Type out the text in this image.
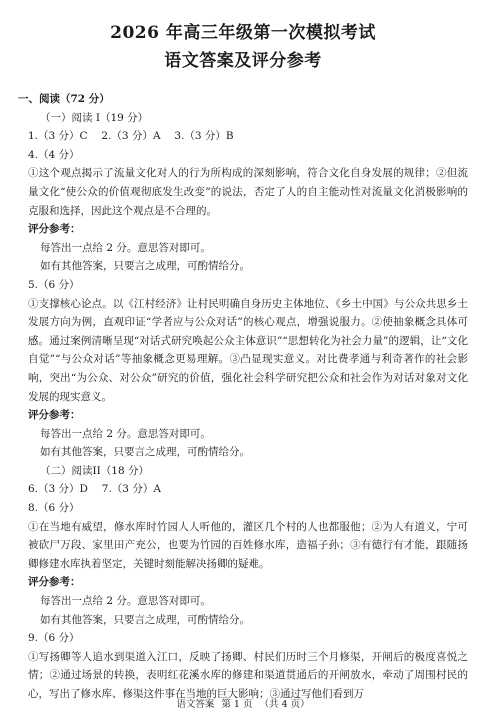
2026 年高三年级第一次模拟考试
语文答案及评分参考
一、阅读（72 分）
（一）阅读 I（19 分）
1.（3 分）C　 2.（3 分）A　 3.（3 分）B
4.（4 分）
①这个观点揭示了流量文化对人的行为所构成的深刻影响，符合文化自身发展的规律；②但流量文化“使公众的价值观彻底发生改变”的说法，否定了人的自主能动性对流量文化消极影响的克服和选择，因此这个观点是不合理的。
评分参考：
每答出一点给 2 分。意思答对即可。
如有其他答案，只要言之成理，可酌情给分。
5.（6 分）
①支撑核心论点。以《江村经济》让村民明确自身历史主体地位、《乡土中国》与公众共思乡土发展方向为例，直观印证“学者应与公众对话”的核心观点，增强说服力。②使抽象概念具体可感。通过案例清晰呈现“对话式研究唤起公众主体意识”“思想转化为社会力量”的逻辑，让“文化自觉”“与公众对话”等抽象概念更易理解。③凸显现实意义。对比费孝通与利奇著作的社会影响，突出“为公众、对公众”研究的价值，强化社会科学研究把公众和社会作为对话对象对文化发展的现实意义。
评分参考：
每答出一点给 2 分。意思答对即可。
如有其他答案，只要言之成理，可酌情给分。
（二）阅读II（18 分）
6.（3 分）D　 7.（3 分）A
8.（6 分）
①在当地有威望，修水库时竹园人人听他的，灌区几个村的人也都服他；②为人有道义，宁可被砍尸万段、家里田产充公，也要为竹园的百姓修水库，造福子孙；③有德行有才能，跟随扬卿修建水库执着坚定，关键时刻能解决扬卿的疑难。
评分参考：
每答出一点给 2 分。意思答对即可。
如有其他答案，只要言之成理，可酌情给分。
9.（6 分）
①写扬卿等人追水到渠道入江口，反映了扬卿、村民们历时三个月修渠，开闸后的极度喜悦之情；②通过场景的转换，表明红花溪水库的修建和渠道贯通后的开闸放水，牵动了周围村民的心，写出了修水库、修渠这件事在当地的巨大影响；③通过写他们看到万
语文答案 第 1 页 （共 4 页）
